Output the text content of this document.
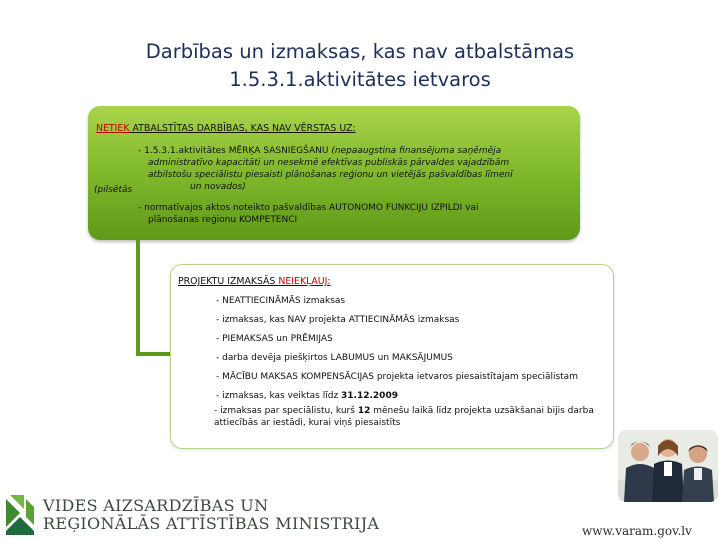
Darbības un izmaksas, kas nav atbalstāmas
1.5.3.1.aktivitātes ietvaros
NETIEK ATBALSTĪTAS DARBĪBAS, KAS NAV VĒRSTAS UZ:
- 1.5.3.1.aktivitātes MĒRĶA SASNIEGŠANU (nepaaugstina finansējuma saņēmēja
administratīvo kapacitāti un nesekmē efektīvas publiskās pārvaldes vajadzībām
atbilstošu speciālistu piesaisti plānošanas reģionu un vietējās pašvaldības līmenī
(pilsētās	un novados)
- normatīvajos aktos noteikto pašvaldības AUTONOMO FUNKCIJU IZPILDI vai
plānošanas reģionu KOMPETENCI
PROJEKTU IZMAKSĀS NEIEKĻAUJ:
- NEATTIECINĀMĀS izmaksas
- izmaksas, kas NAV projekta ATTIECINĀMĀS izmaksas
- PIEMAKSAS un PRĒMIJAS
- darba devēja piešķirtos LABUMUS un MAKSĀJUMUS
- MĀCĪBU MAKSAS KOMPENSĀCIJAS projekta ietvaros piesaistītajam speciālistam
- izmaksas, kas veiktas līdz 31.12.2009
- izmaksas par speciālistu, kurš 12 mēnešu laikā līdz projekta uzsākšanai bijis darba
attiecībās ar iestādi, kurai viņš piesaistīts
VIDES AIZSARDZĪBAS UN
REĢIONĀLĀS ATTĪSTĪBAS MINISTRIJA	www.varam.gov.lv
